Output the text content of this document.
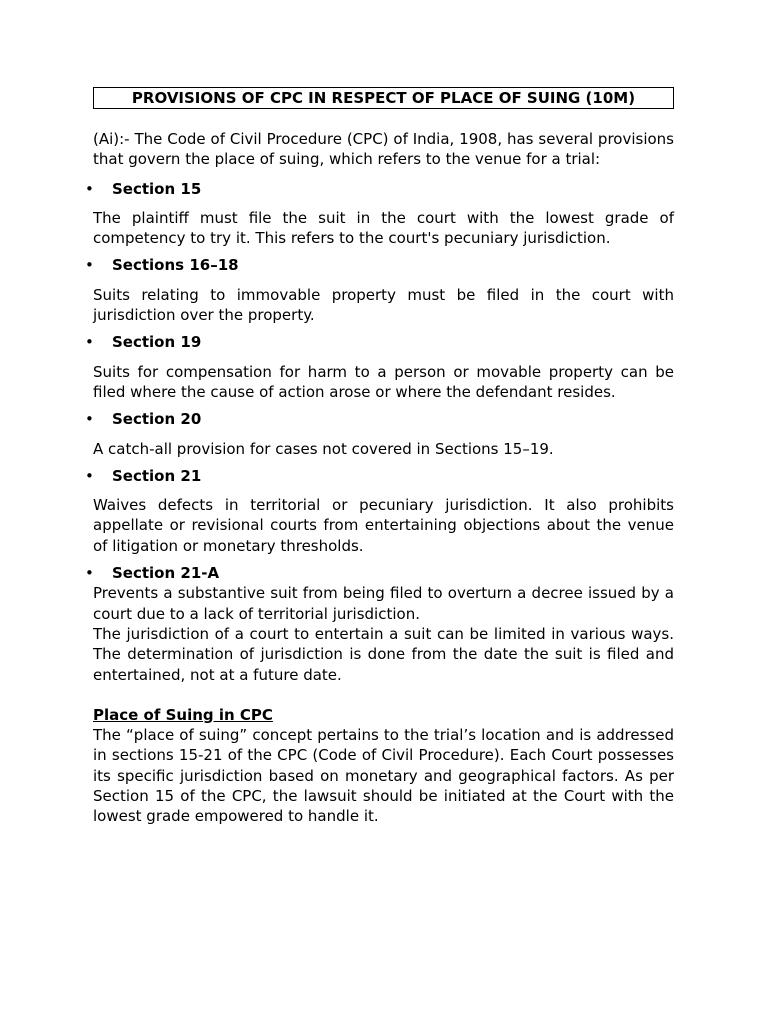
PROVISIONS OF CPC IN RESPECT OF PLACE OF SUING (10M)

(Ai):- The Code of Civil Procedure (CPC) of India, 1908, has several provisions that govern the place of suing, which refers to the venue for a trial:

• Section 15

The plaintiff must file the suit in the court with the lowest grade of competency to try it. This refers to the court's pecuniary jurisdiction.

• Sections 16–18

Suits relating to immovable property must be filed in the court with jurisdiction over the property.

• Section 19

Suits for compensation for harm to a person or movable property can be filed where the cause of action arose or where the defendant resides.

• Section 20

A catch-all provision for cases not covered in Sections 15–19.

• Section 21

Waives defects in territorial or pecuniary jurisdiction. It also prohibits appellate or revisional courts from entertaining objections about the venue of litigation or monetary thresholds.

• Section 21-A

Prevents a substantive suit from being filed to overturn a decree issued by a court due to a lack of territorial jurisdiction.

The jurisdiction of a court to entertain a suit can be limited in various ways. The determination of jurisdiction is done from the date the suit is filed and entertained, not at a future date.

Place of Suing in CPC

The “place of suing” concept pertains to the trial’s location and is addressed in sections 15-21 of the CPC (Code of Civil Procedure). Each Court possesses its specific jurisdiction based on monetary and geographical factors. As per Section 15 of the CPC, the lawsuit should be initiated at the Court with the lowest grade empowered to handle it.
